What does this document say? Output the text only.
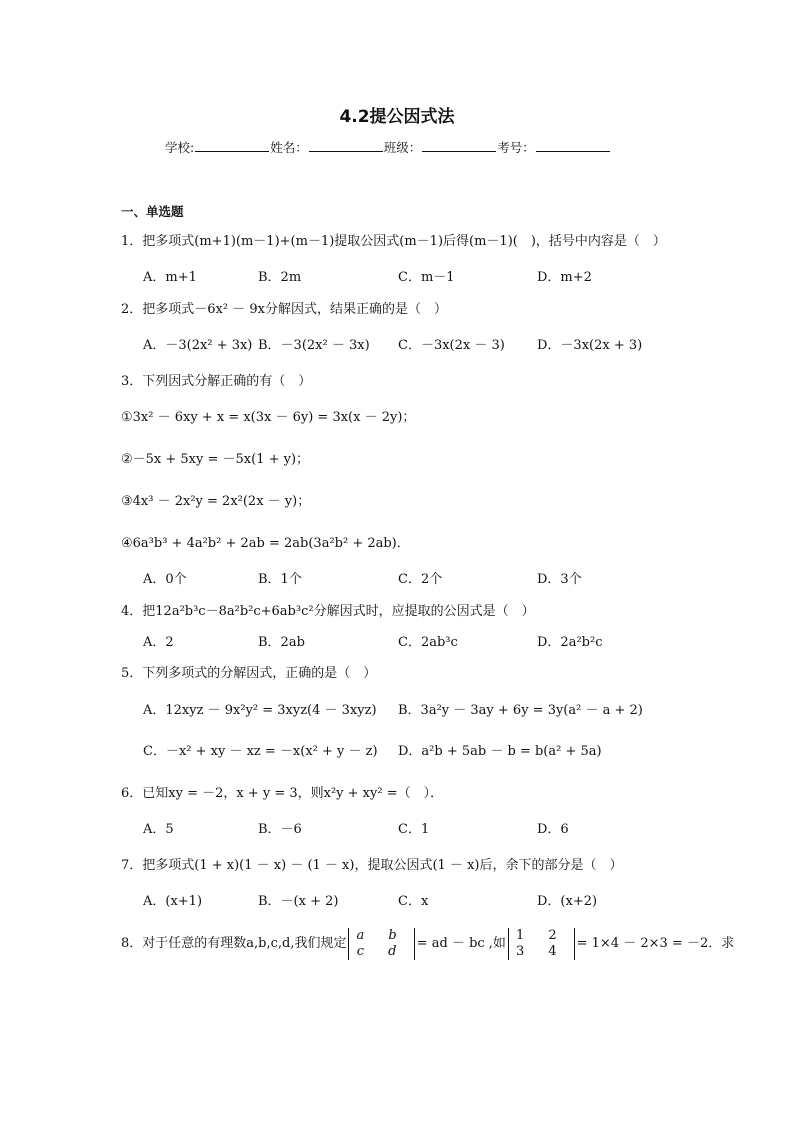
4.2提公因式法
学校:	姓名：	班级：	考号：
一、单选题
1．把多项式(m+1)(m－1)+(m－1)提取公因式(m－1)后得(m－1)(　)，括号中内容是（　）
A．m+1	B．2m	C．m－1	D．m+2
2．把多项式－6x² － 9x分解因式，结果正确的是（　）
A．－3(2x² + 3x) B．－3(2x² － 3x) C．－3x(2x － 3) D．－3x(2x + 3)
3．下列因式分解正确的有（　）
①3x² － 6xy + x = x(3x － 6y) = 3x(x － 2y)；
②－5x + 5xy = －5x(1 + y)；
③4x³ － 2x²y = 2x²(2x － y)；
④6a³b³ + 4a²b² + 2ab = 2ab(3a²b² + 2ab)．
A．0个	B．1个	C．2个	D．3个
4．把12a²b³c－8a²b²c+6ab³c²分解因式时，应提取的公因式是（　）
A．2	B．2ab	C．2ab³c	D．2a²b²c
5．下列多项式的分解因式，正确的是（　）
A．12xyz － 9x²y² = 3xyz(4 － 3xyz) B．3a²y － 3ay + 6y = 3y(a² － a + 2)
C．－x² + xy － xz = －x(x² + y － z) D．a²b + 5ab － b = b(a² + 5a)
6．已知xy = －2，x + y = 3，则x²y + xy² =（　）．
A．5	B．－6	C．1	D．6
7．把多项式(1 + x)(1 － x) － (1 － x)，提取公因式(1 － x)后，余下的部分是（　）
A．(x+1)	B．－(x + 2)	C．x	D．(x+2)
8．对于任意的有理数a,b,c,d,我们规定
a b
c d = ad － bc ,如
1 2
3 4 = 1×4 － 2×3 = －2．求
